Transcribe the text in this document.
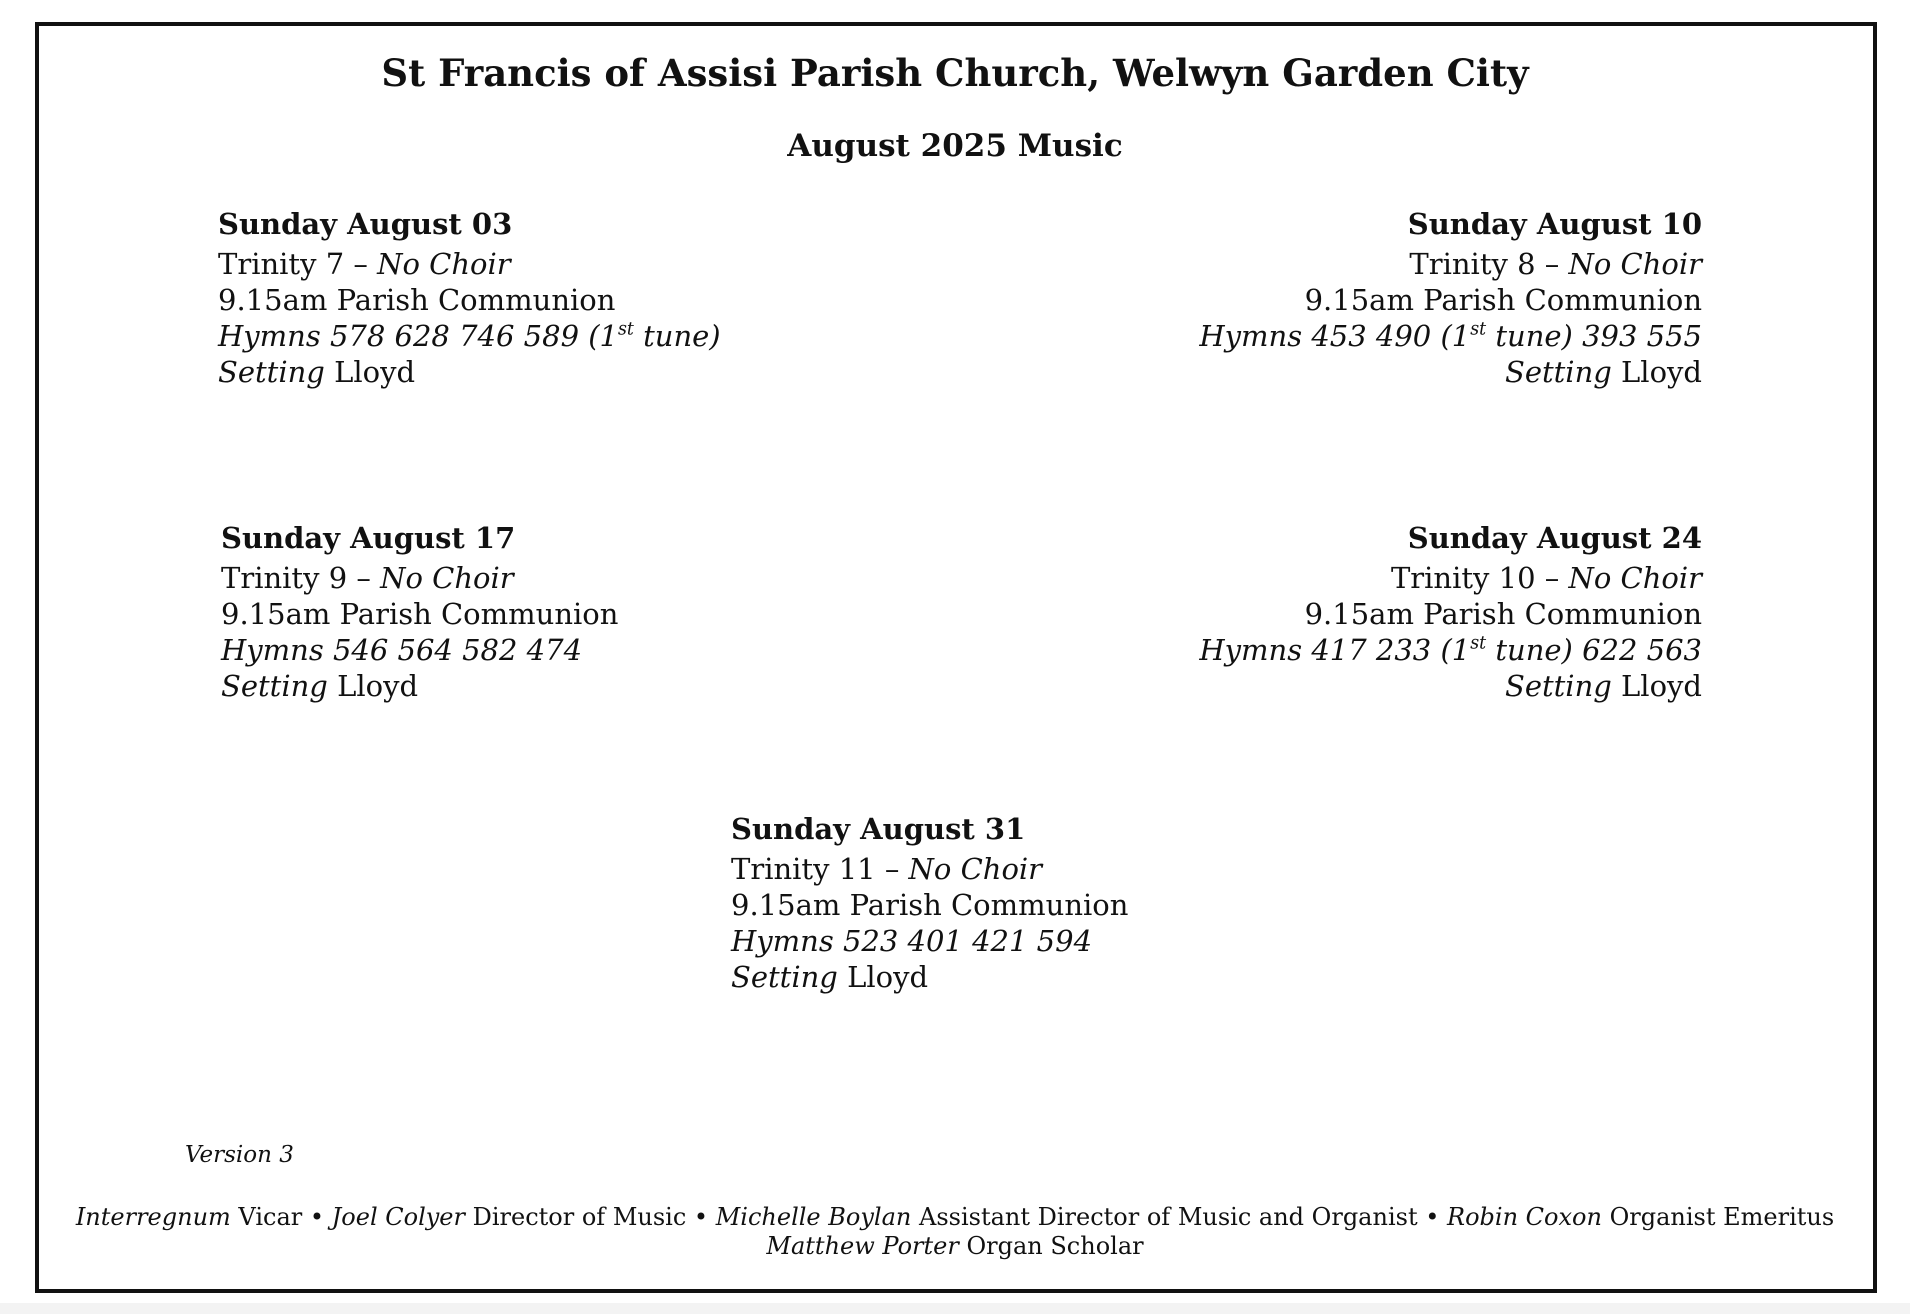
St Francis of Assisi Parish Church, Welwyn Garden City
August 2025 Music
Sunday August 03
Trinity 7 – No Choir
9.15am Parish Communion
Hymns 578 628 746 589 (1st tune)
Setting Lloyd
Sunday August 10
Trinity 8 – No Choir
9.15am Parish Communion
Hymns 453 490 (1st tune) 393 555
Setting Lloyd
Sunday August 17
Trinity 9 – No Choir
9.15am Parish Communion
Hymns 546 564 582 474
Setting Lloyd
Sunday August 24
Trinity 10 – No Choir
9.15am Parish Communion
Hymns 417 233 (1st tune) 622 563
Setting Lloyd
Sunday August 31
Trinity 11 – No Choir
9.15am Parish Communion
Hymns 523 401 421 594
Setting Lloyd
Version 3
Interregnum Vicar • Joel Colyer Director of Music • Michelle Boylan Assistant Director of Music and Organist • Robin Coxon Organist Emeritus
Matthew Porter Organ Scholar
